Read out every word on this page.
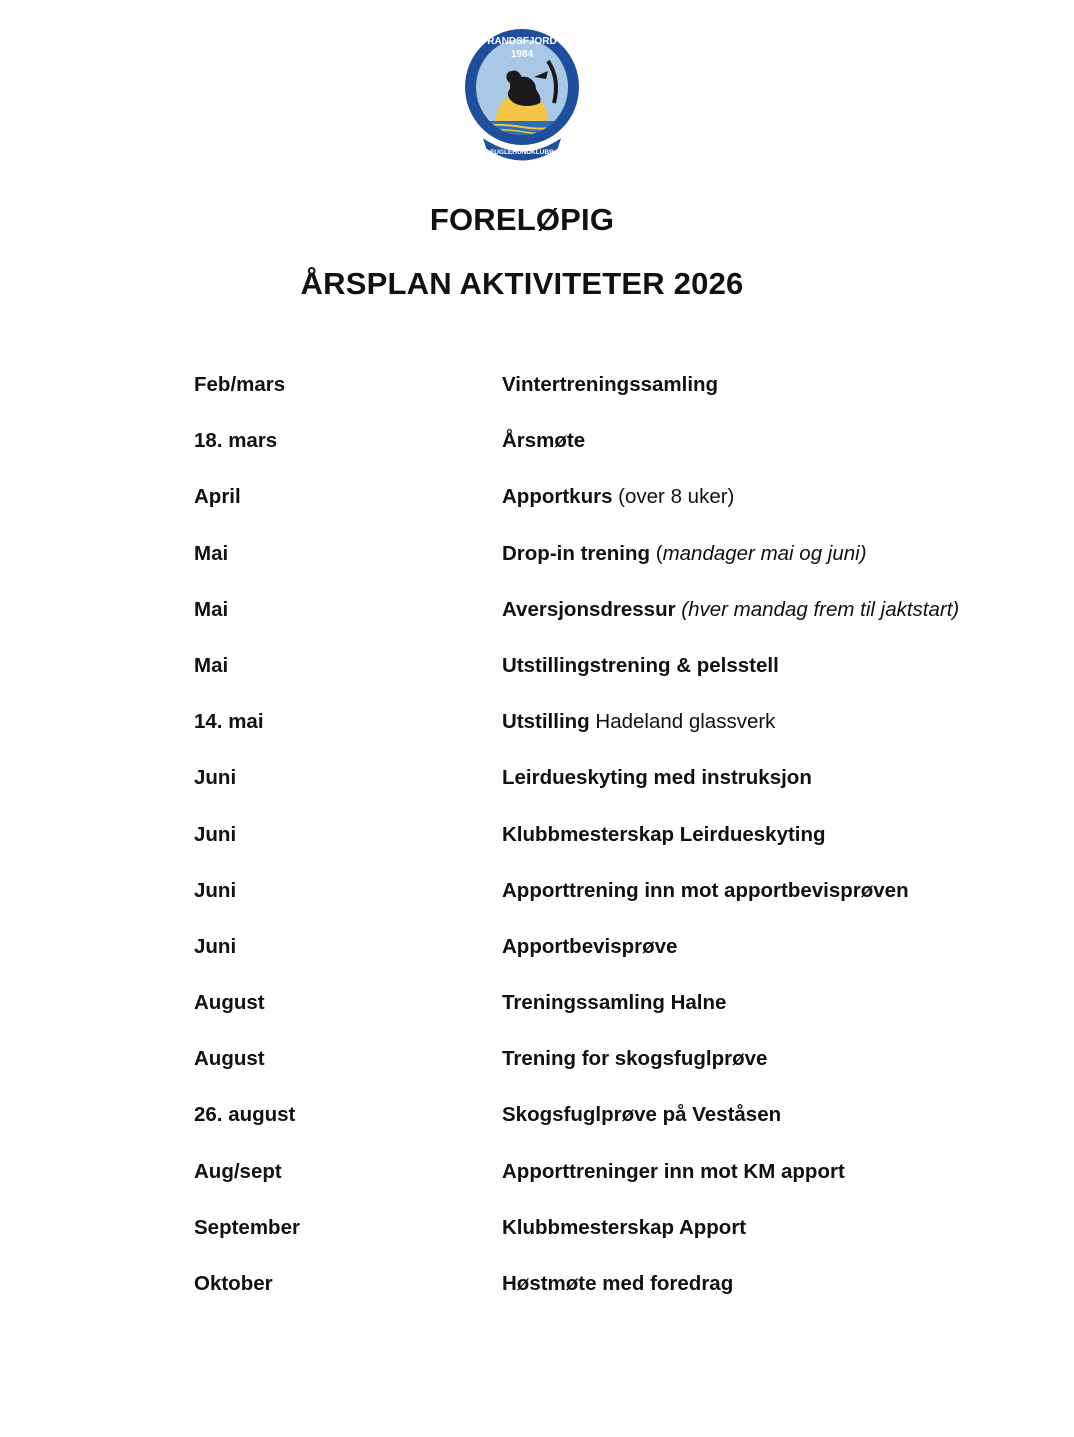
RANDSFJORD
1984
FUGLEHUNDKLUBB
FORELØPIG
ÅRSPLAN AKTIVITETER 2026
Feb/mars	Vintertreningssamling
18. mars	Årsmøte
April	Apportkurs (over 8 uker)
Mai	Drop-in trening (mandager mai og juni)
Mai	Aversjonsdressur (hver mandag frem til jaktstart)
Mai	Utstillingstrening & pelsstell
14. mai	Utstilling Hadeland glassverk
Juni	Leirdueskyting med instruksjon
Juni	Klubbmesterskap Leirdueskyting
Juni	Apporttrening inn mot apportbevisprøven
Juni	Apportbevisprøve
August	Treningssamling Halne
August	Trening for skogsfuglprøve
26. august	Skogsfuglprøve på Veståsen
Aug/sept	Apporttreninger inn mot KM apport
September	Klubbmesterskap Apport
Oktober	Høstmøte med foredrag
